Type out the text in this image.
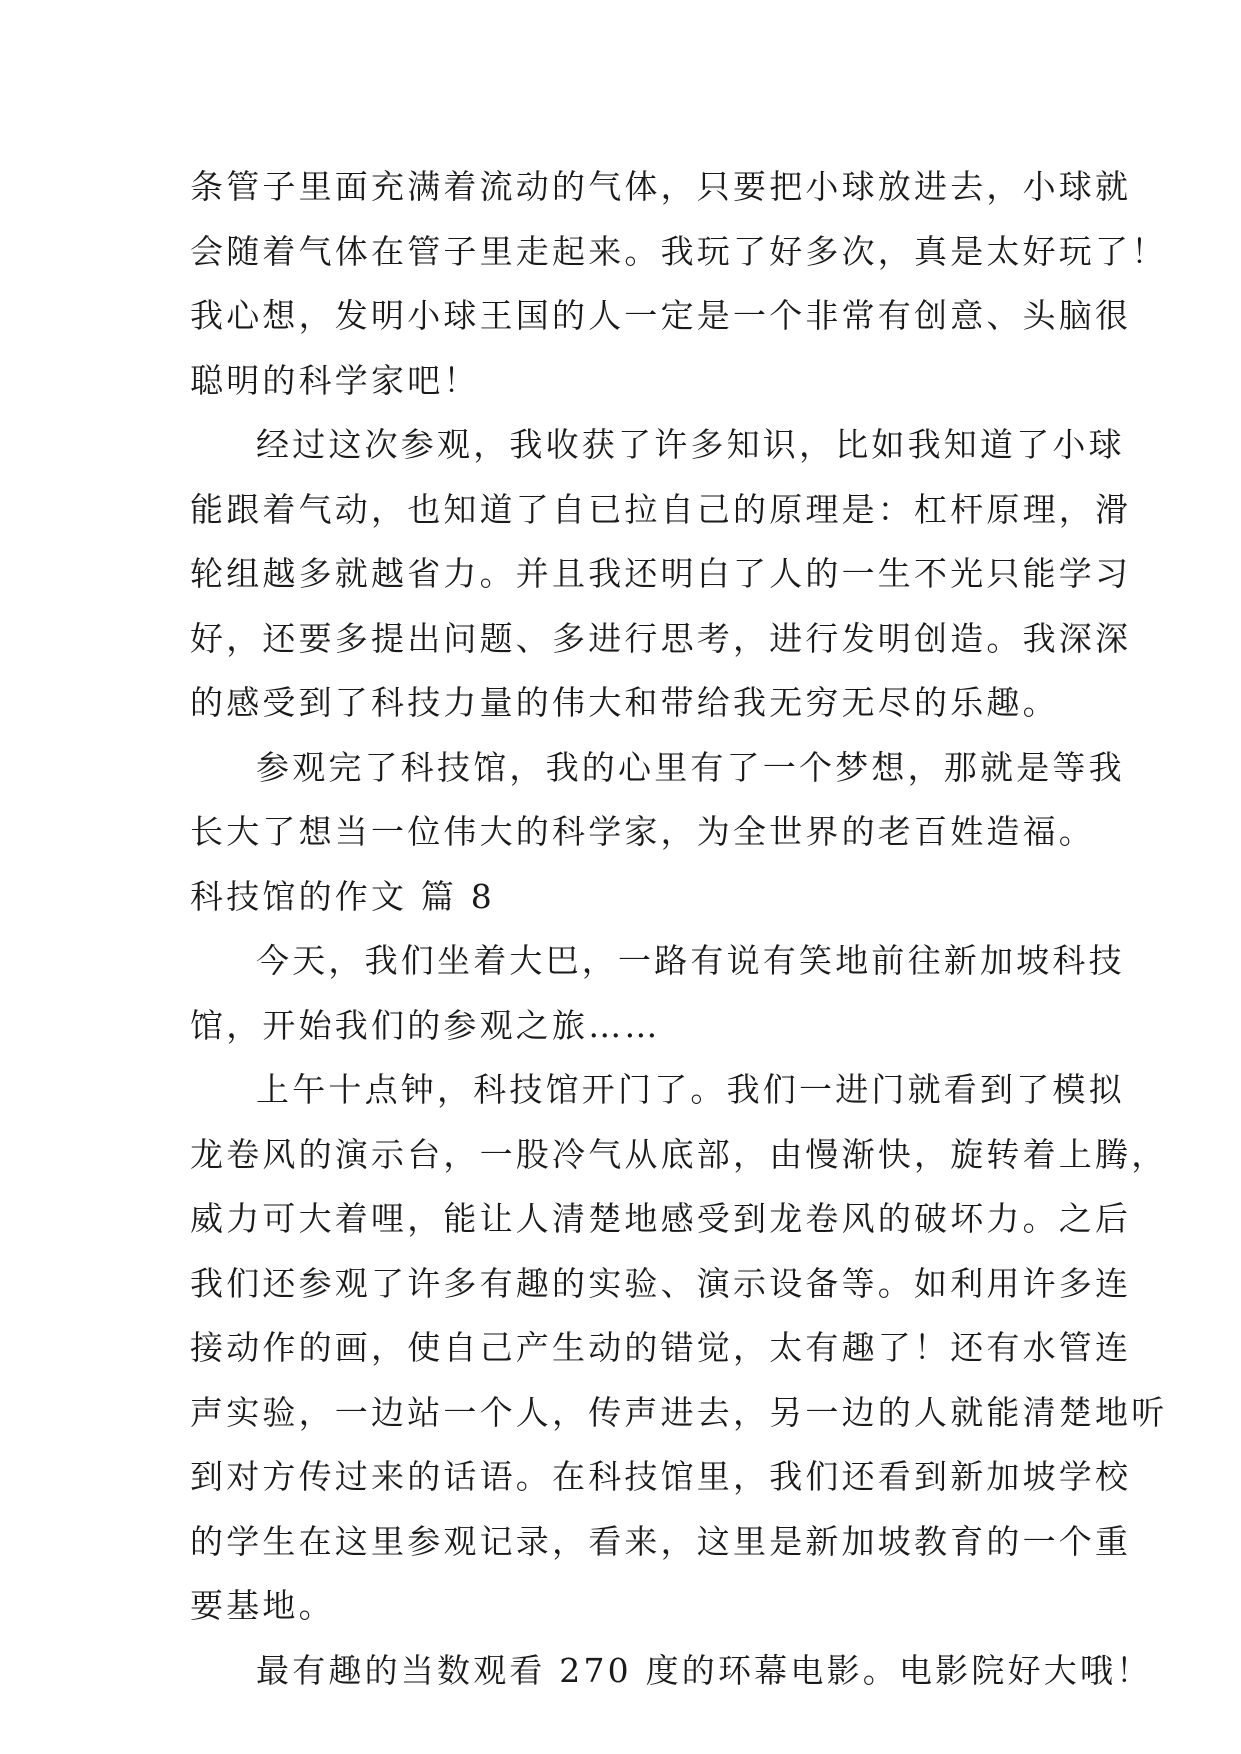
条管子里面充满着流动的气体，只要把小球放进去，小球就
会随着气体在管子里走起来。我玩了好多次，真是太好玩了！
我心想，发明小球王国的人一定是一个非常有创意、头脑很
聪明的科学家吧！
经过这次参观，我收获了许多知识，比如我知道了小球
能跟着气动，也知道了自已拉自己的原理是：杠杆原理，滑
轮组越多就越省力。并且我还明白了人的一生不光只能学习
好，还要多提出问题、多进行思考，进行发明创造。我深深
的感受到了科技力量的伟大和带给我无穷无尽的乐趣。
参观完了科技馆，我的心里有了一个梦想，那就是等我
长大了想当一位伟大的科学家，为全世界的老百姓造福。
科技馆的作文 篇 8
今天，我们坐着大巴，一路有说有笑地前往新加坡科技
馆，开始我们的参观之旅……
上午十点钟，科技馆开门了。我们一进门就看到了模拟
龙卷风的演示台，一股冷气从底部，由慢渐快，旋转着上腾，
威力可大着哩，能让人清楚地感受到龙卷风的破坏力。之后
我们还参观了许多有趣的实验、演示设备等。如利用许多连
接动作的画，使自己产生动的错觉，太有趣了！还有水管连
声实验，一边站一个人，传声进去，另一边的人就能清楚地听
到对方传过来的话语。在科技馆里，我们还看到新加坡学校
的学生在这里参观记录，看来，这里是新加坡教育的一个重
要基地。
最有趣的当数观看 270 度的环幕电影。电影院好大哦！
